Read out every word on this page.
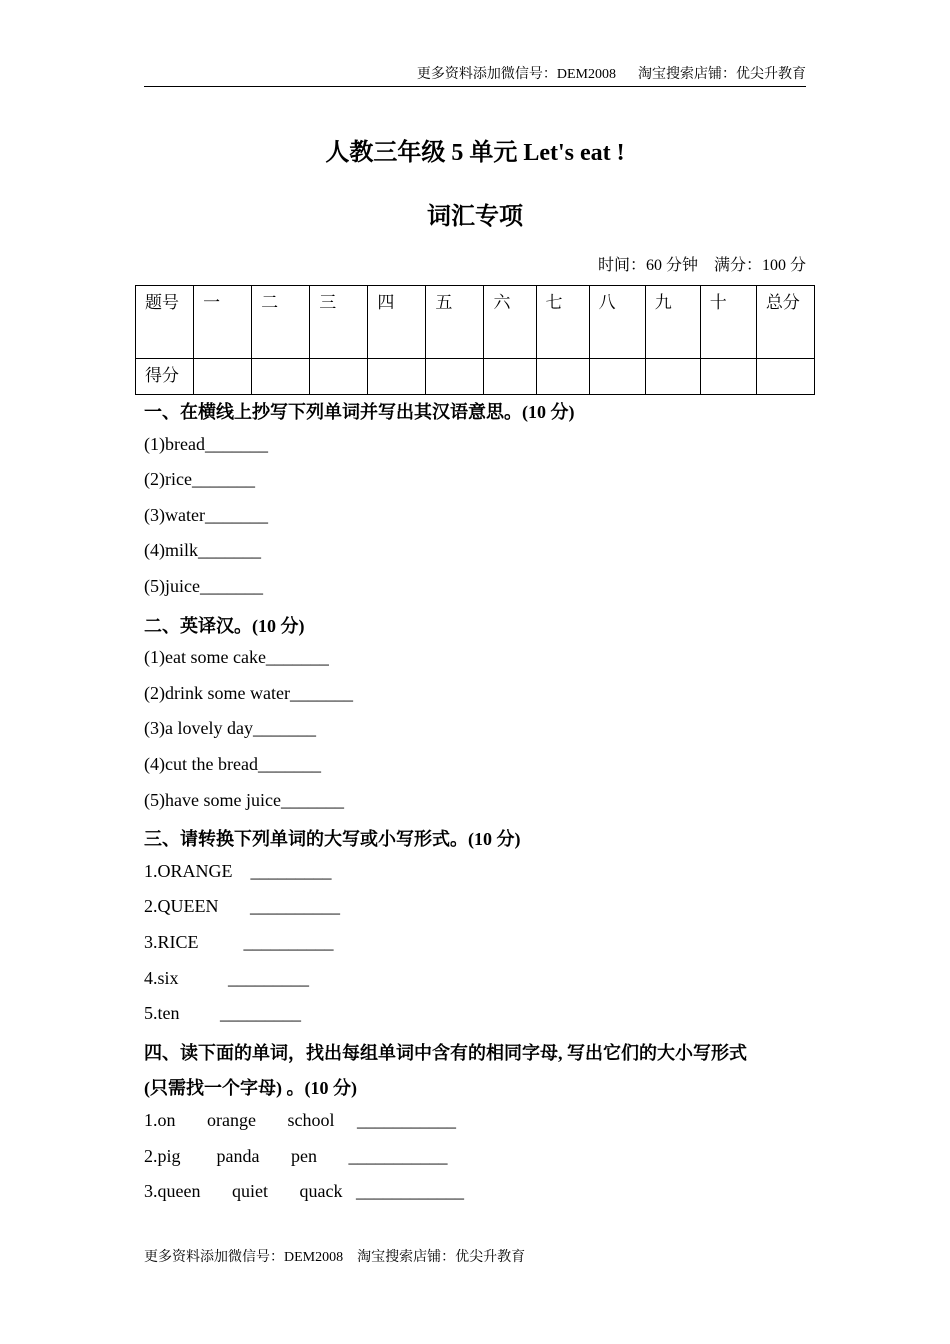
更多资料添加微信号：DEM2008 淘宝搜索店铺：优尖升教育
人教三年级 5 单元 Let's eat !
词汇专项
时间：60 分钟 满分：100 分
题号	一	二	三	四	五	六	七	八	九	十	总分
得分											
一、在横线上抄写下列单词并写出其汉语意思。(10 分)
(1)bread_______
(2)rice_______
(3)water_______
(4)milk_______
(5)juice_______
二、英译汉。(10 分)
(1)eat some cake_______
(2)drink some water_______
(3)a lovely day_______
(4)cut the bread_______
(5)have some juice_______
三、请转换下列单词的大写或小写形式。(10 分)
1.ORANGE    _________
2.QUEEN       __________
3.RICE          __________
4.six           _________
5.ten         _________
四、读下面的单词，找出每组单词中含有的相同字母, 写出它们的大小写形式
(只需找一个字母) 。(10 分)
1.on       orange       school     ___________
2.pig        panda       pen       ___________
3.queen       quiet       quack   ____________
更多资料添加微信号：DEM2008 淘宝搜索店铺：优尖升教育
